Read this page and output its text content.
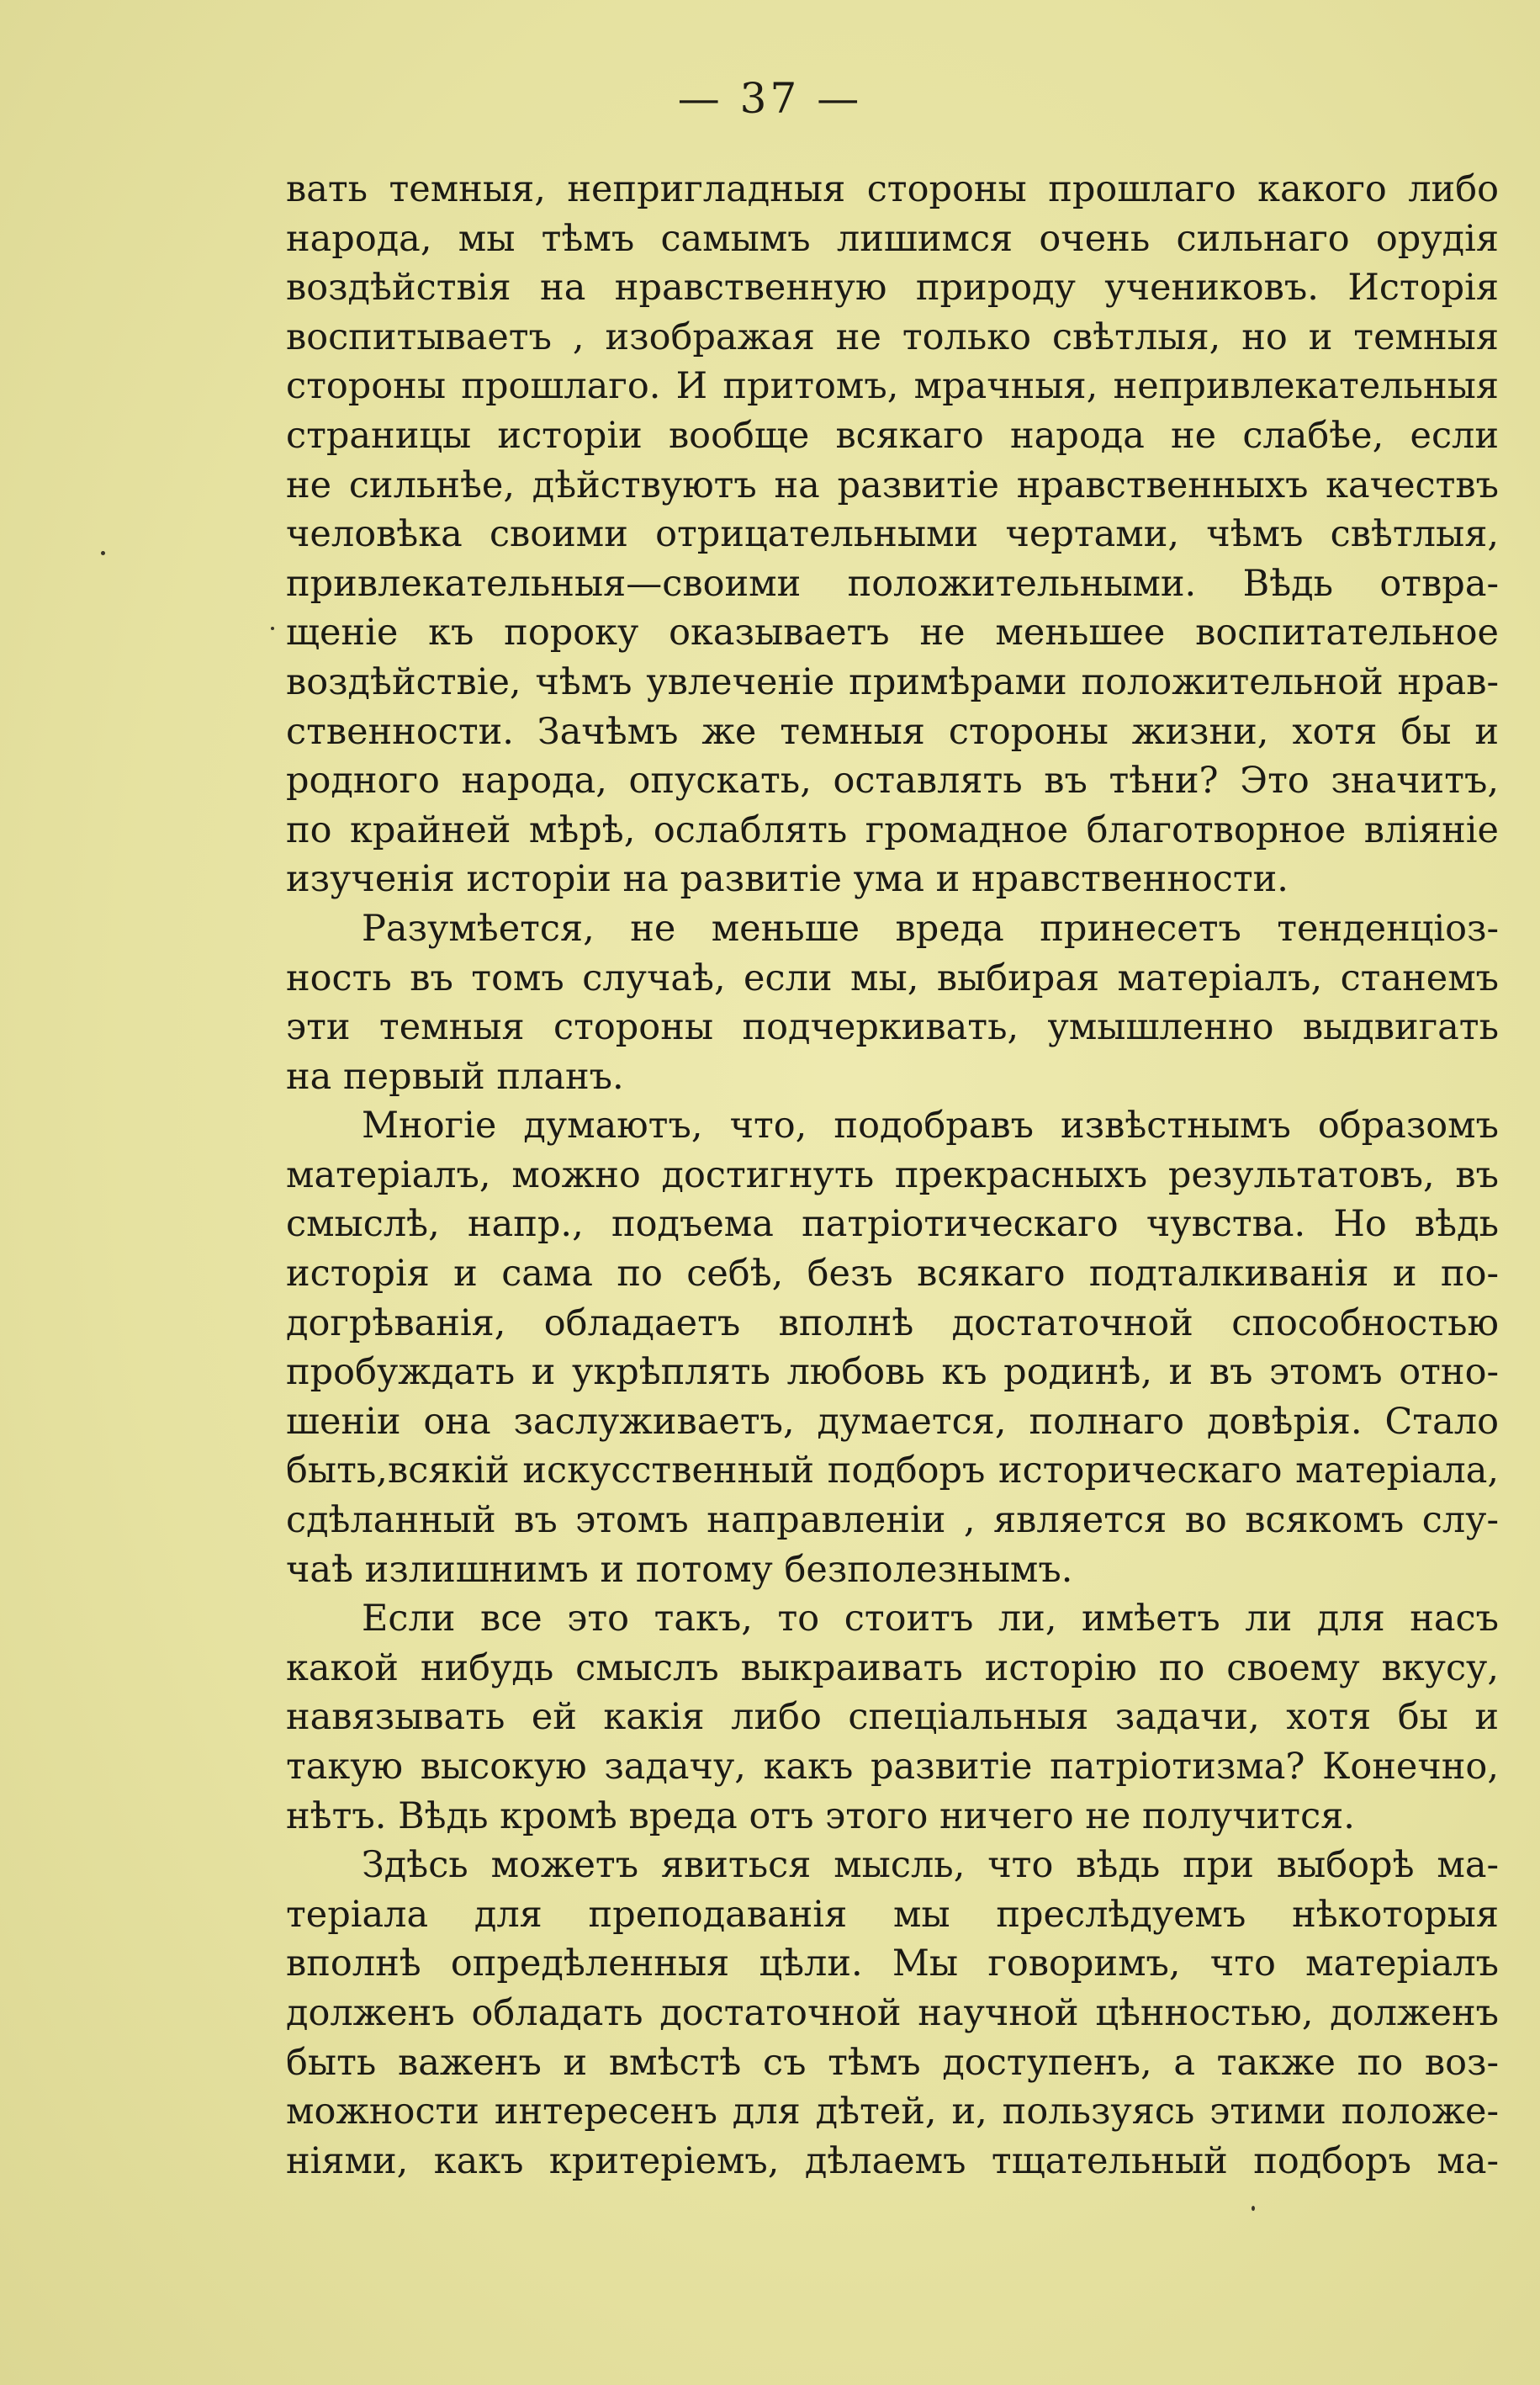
— 37 —

вать темныя, непригладныя стороны прошлаго какого либо
народа, мы тѣмъ самымъ лишимся очень сильнаго орудія
воздѣйствія на нравственную природу учениковъ. Исторія
воспитываетъ , изображая не только свѣтлыя, но и темныя
стороны прошлаго. И притомъ, мрачныя, непривлекательныя
страницы исторіи вообще всякаго народа не слабѣе, если
не сильнѣе, дѣйствуютъ на развитіе нравственныхъ качествъ
человѣка своими отрицательными чертами, чѣмъ свѣтлыя,
привлекательныя—своими положительными. Вѣдь отвра-
щеніе къ пороку оказываетъ не меньшее воспитательное
воздѣйствіе, чѣмъ увлеченіе примѣрами положительной нрав-
ственности. Зачѣмъ же темныя стороны жизни, хотя бы и
родного народа, опускать, оставлять въ тѣни? Это значитъ,
по крайней мѣрѣ, ослаблять громадное благотворное вліяніе
изученія исторіи на развитіе ума и нравственности.

Разумѣется, не меньше вреда принесетъ тенденціоз-
ность въ томъ случаѣ, если мы, выбирая матеріалъ, станемъ
эти темныя стороны подчеркивать, умышленно выдвигать
на первый планъ.

Многіе думаютъ, что, подобравъ извѣстнымъ образомъ
матеріалъ, можно достигнуть прекрасныхъ результатовъ, въ
смыслѣ, напр., подъема патріотическаго чувства. Но вѣдь
исторія и сама по себѣ, безъ всякаго подталкиванія и по-
догрѣванія, обладаетъ вполнѣ достаточной способностью
пробуждать и укрѣплять любовь къ родинѣ, и въ этомъ отно-
шеніи она заслуживаетъ, думается, полнаго довѣрія. Стало
быть,всякій искусственный подборъ историческаго матеріала,
сдѣланный въ этомъ направленіи , является во всякомъ слу-
чаѣ излишнимъ и потому безполезнымъ.

Если все это такъ, то стоитъ ли, имѣетъ ли для насъ
какой нибудь смыслъ выкраивать исторію по своему вкусу,
навязывать ей какія либо спеціальныя задачи, хотя бы и
такую высокую задачу, какъ развитіе патріотизма? Конечно,
нѣтъ. Вѣдь кромѣ вреда отъ этого ничего не получится.

Здѣсь можетъ явиться мысль, что вѣдь при выборѣ ма-
теріала для преподаванія мы преслѣдуемъ нѣкоторыя
вполнѣ опредѣленныя цѣли. Мы говоримъ, что матеріалъ
долженъ обладать достаточной научной цѣнностью, долженъ
быть важенъ и вмѣстѣ съ тѣмъ доступенъ, а также по воз-
можности интересенъ для дѣтей, и, пользуясь этими положе-
ніями, какъ критеріемъ, дѣлаемъ тщательный подборъ ма-
